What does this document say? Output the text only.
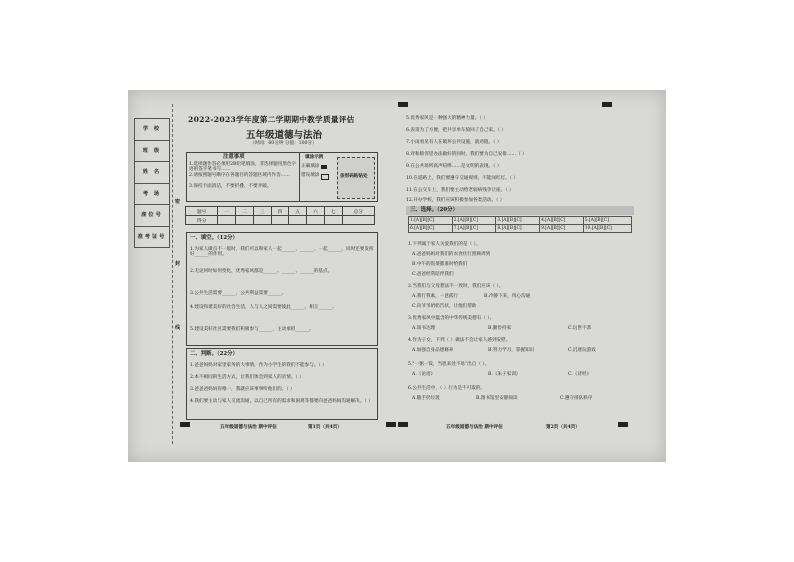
学 校
班 级
姓 名
考 场
座位号
准考证号
密
封
线
2022-2023学年度第二学期期中教学质量评估
五年级道德与法治
（时间：60分钟 分值：100分）
注意事项
1.选择题作答必须用2B铅笔填涂，非选择题用黑色字迹的签字笔书写……
2.请按照题号顺序在各题目的答题区域内作答……
3.保持卡面清洁，不要折叠、不要弄破。
填涂示例
正确填涂
错误填涂	条形码粘贴处
题号	一	二	三	四	五	六	七	总分
得分								
一、填空。（12分）
1.为家人做点不一般时，我们可以和家人一起______、______、一起______，同时还要发挥好______的作用。
2.无论何时如何变化，优秀家风都是______、______、______的基点。
3.公共生活需要______，公共利益需要______。
4.建设和谐美好的社会生活，人与人之间需要彼此______、相互______。
5.建设美好社区需要我们积极参与______，主动承担______。
二、判断。（22分）
1.爸爸妈妈对家里家务的大事情，作为小学生的我们不能参与。（ ）
2.本不相同的生活方式，让我们体会到家人的亲情。（ ）
3.爸爸爸妈妈你唯一，我就应该事事听他们的。（ ）
4.我们要主动与家人交流沟通，以自己所有的需求和困难等都要向爸爸妈妈沟通解决。（ ）
五年级道德与法治 期中评估	第1页（共4页）
5.优秀家风是一种强大的精神力量。（ ）
6.表哥为了方便，把共享单车骑回了自己家。（ ）
7.小雨看见有人在破坏公共设施，就劝阻。（ ）
8.对和睦邻里办法做好的同时，我们要为自己安排……（ ）
9.在公共场所高声喧哗……是文明的表现。（ ）
10.在道路上，我们要遵守交通规则，不能闯红灯。（ ）
11.在公交车上，我们要主动给老弱病残孕让座。（ ）
12.开办学校，我们应该积极参加各类活动。（ ）
三、选择。（20分）
1.[A][B][C]	2.[A][B][C]	3.[A][B][C]	4.[A][B][C]	5.[A][B][C]
6.[A][B][C]	7.[A][B][C]	8.[A][B][C]	9.[A][B][C]	10.[A][B][C]
1.下列属于家人关爱我们的是（ ）。
A.爸爸妈妈对我们的衣食住行照顾周到
B.中午的饭菜都准时给我们
C.爸爸经常陪伴我们
2.当我们与父母想法不一致时，我们应该（ ）。
A.我行我素，一意孤行	B.冷静下来，用心沟通
C.向爷爷奶奶告状，让他们帮助
3.优秀家风中蕴含的中华传统美德有（ ）。
A.知书达理	B.勤俭持家	C.玩世不恭
4.作为子女，下列（ ）做法不会让家人感到安慰。
A.加强自身品德修养	B.努力学习，掌握知识	C.沉迷玩游戏
5."一粥一饭，当思来处不易"出自（ ）。
A.《论语》	B.《朱子家训》	C.《诗经》
6.公共生活中，（ ）行为是不可取的。
A.随手扔垃圾	B.图书馆里安静阅读	C.遵守排队秩序
五年级道德与法治 期中评估	第2页（共4页）
